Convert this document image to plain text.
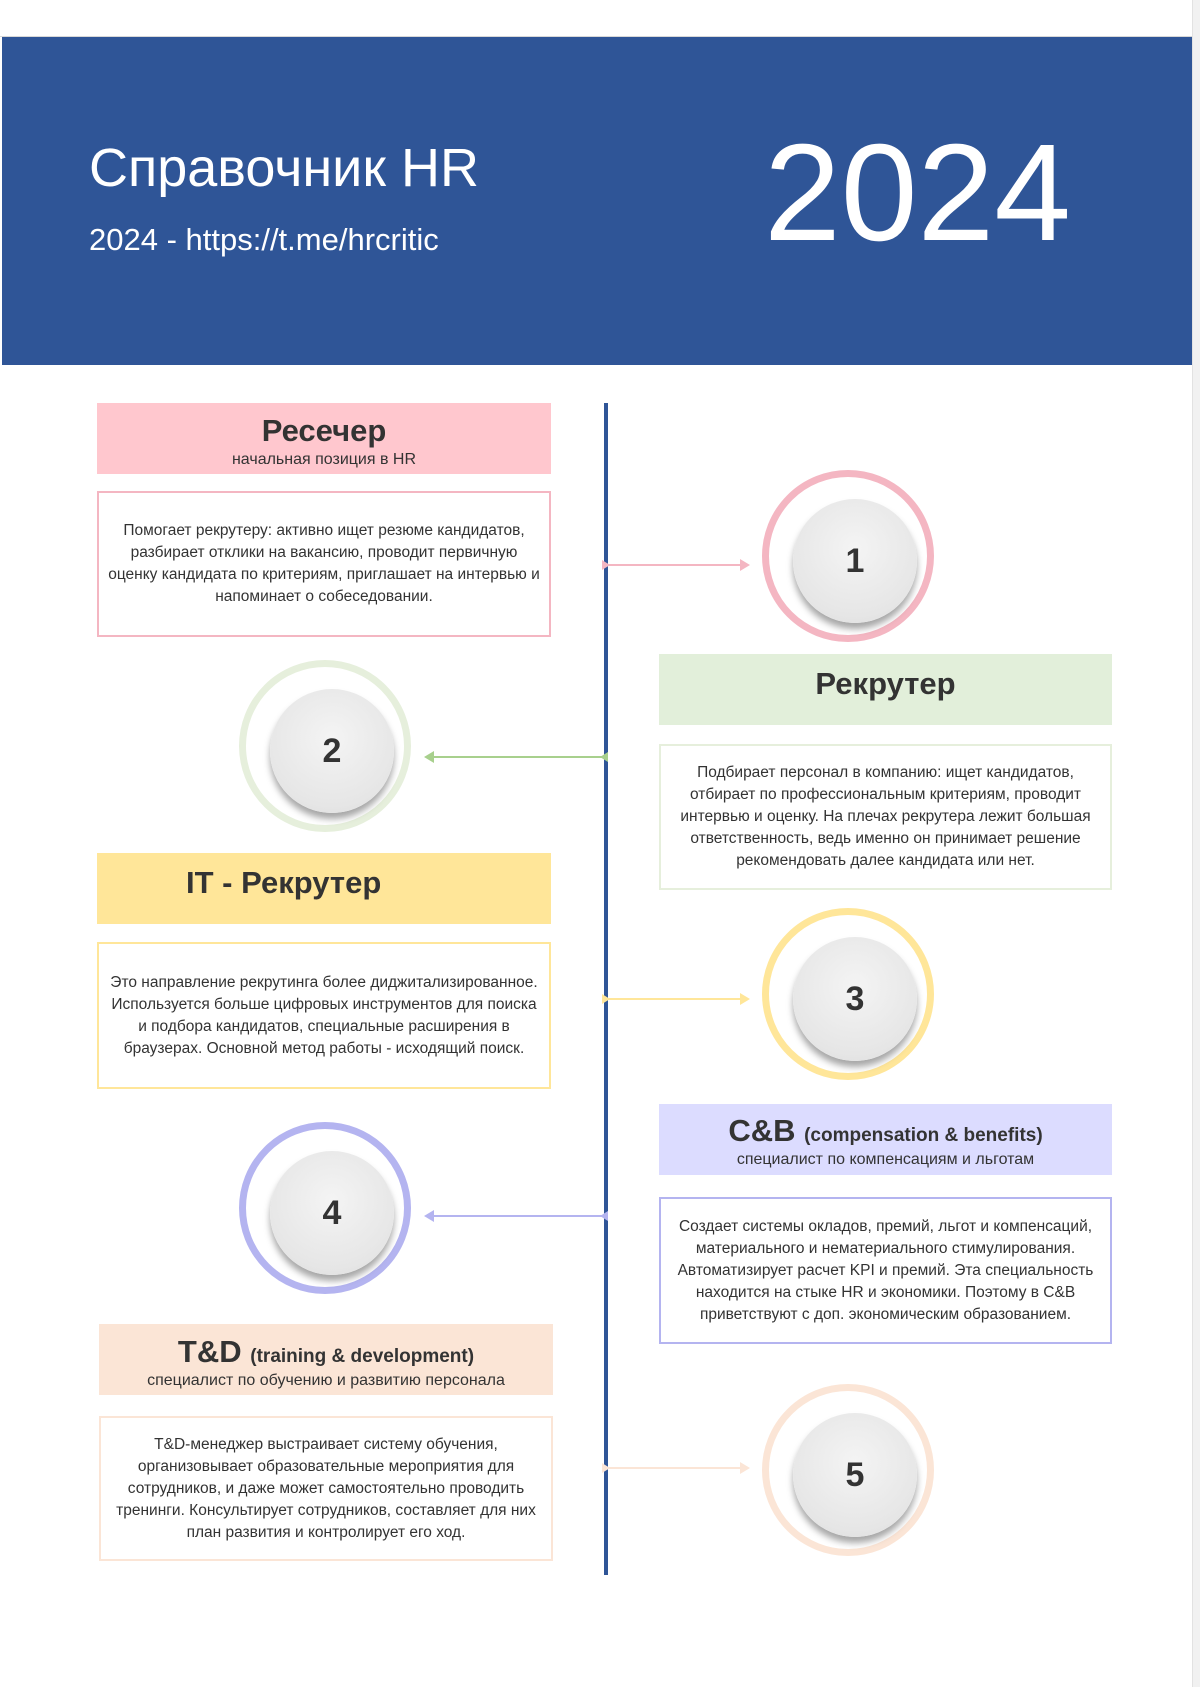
Справочник HR
2024 - https://t.me/hrcritic 2024
Ресечер
начальная позиция в HR
Помогает рекрутеру: активно ищет резюме кандидатов, разбирает отклики на вакансию, проводит первичную оценку кандидата по критериям, приглашает на интервью и напоминает о собеседовании.
1
2
Рекрутер
Подбирает персонал в компанию: ищет кандидатов, отбирает по профессиональным критериям, проводит интервью и оценку. На плечах рекрутера лежит большая ответственность, ведь именно он принимает решение рекомендовать далее кандидата или нет.
IT - Рекрутер
Это направление рекрутинга более диджитализированное. Используется больше цифровых инструментов для поиска и подбора кандидатов, специальные расширения в браузерах. Основной метод работы - исходящий поиск.
3
4
C&B (compensation & benefits)
специалист по компенсациям и льготам
Создает системы окладов, премий, льгот и компенсаций, материального и нематериального стимулирования. Автоматизирует расчет KPI и премий. Эта специальность находится на стыке HR и экономики. Поэтому в C&B приветствуют с доп. экономическим образованием.
T&D (training & development)
специалист по обучению и развитию персонала
T&D-менеджер выстраивает систему обучения, организовывает образовательные мероприятия для сотрудников, и даже может самостоятельно проводить тренинги. Консультирует сотрудников, составляет для них план развития и контролирует его ход.
5
